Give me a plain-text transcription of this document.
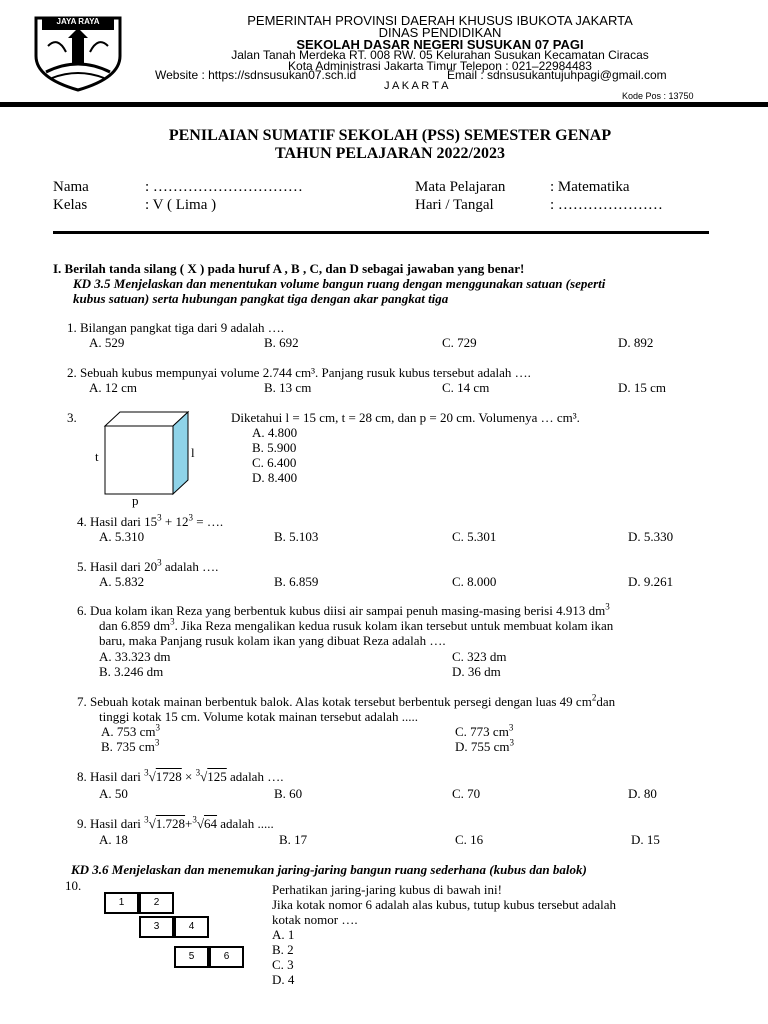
JAYA RAYA	PEMERINTAH PROVINSI DAERAH KHUSUS IBUKOTA JAKARTA
DINAS PENDIDIKAN
SEKOLAH DASAR NEGERI SUSUKAN 07 PAGI
Jalan Tanah Merdeka RT. 008 RW. 05 Kelurahan Susukan Kecamatan Ciracas
Kota Administrasi Jakarta Timur Telepon : 021–22984483
Website : https://sdnsusukan07.sch.id	Email : sdnsusukantujuhpagi@gmail.com
J A K A R T A
Kode Pos : 13750
PENILAIAN SUMATIF SEKOLAH (PSS) SEMESTER GENAP
TAHUN PELAJARAN 2022/2023
Nama	: …………………………
Kelas	: V ( Lima )
Mata Pelajaran	: Matematika
Hari / Tangal	: …………………
I. Berilah tanda silang ( X ) pada huruf A , B , C, dan D sebagai jawaban yang benar!
KD 3.5 Menjelaskan dan menentukan volume bangun ruang dengan menggunakan satuan (seperti
kubus satuan) serta hubungan pangkat tiga dengan akar pangkat tiga
1. Bilangan pangkat tiga dari 9 adalah ….
A. 529	B. 692	C. 729	D. 892
2. Sebuah kubus mempunyai volume 2.744 cm³. Panjang rusuk kubus tersebut adalah ….
A. 12 cm	B. 13 cm	C. 14 cm	D. 15 cm
3.
t	l
p
Diketahui l = 15 cm, t = 28 cm, dan p = 20 cm. Volumenya … cm³.
A. 4.800
B. 5.900
C. 6.400
D. 8.400
4. Hasil dari $15^3 + 12^3$ = ….
A. 5.310	B. 5.103	C. 5.301	D. 5.330
5. Hasil dari $20^3$ adalah ….
A. 5.832	B. 6.859	C. 8.000	D. 9.261
6. Dua kolam ikan Reza yang berbentuk kubus diisi air sampai penuh masing-masing berisi 4.913 $dm^3$
dan 6.859 $dm^3$. Jika Reza mengalikan kedua rusuk kolam ikan tersebut untuk membuat kolam ikan
baru, maka Panjang rusuk kolam ikan yang dibuat Reza adalah ….
A. 33.323 dm
B. 3.246 dm
C. 323 dm
D. 36 dm
7. Sebuah kotak mainan berbentuk balok. Alas kotak tersebut berbentuk persegi dengan luas 49 $cm^2dan$
tinggi kotak 15 cm. Volume kotak mainan tersebut adalah .....
A. 753 $cm^3$
B. 735 $cm^3$
C. 773 $cm^3$
D. 755 $cm^3$
8. Hasil dari $^3$√1728 × $^3$√125 adalah ….
A. 50	B. 60	C. 70	D. 80
9. Hasil dari $^3$√1.728+$^3$√64 adalah .....
A. 18	B. 17	C. 16	D. 15
KD 3.6 Menjelaskan dan menemukan jaring-jaring bangun ruang sederhana (kubus dan balok)
10.
1	2
3	4
5	6
Perhatikan jaring-jaring kubus di bawah ini!
Jika kotak nomor 6 adalah alas kubus, tutup kubus tersebut adalah
kotak nomor ….
A. 1
B. 2
C. 3
D. 4
